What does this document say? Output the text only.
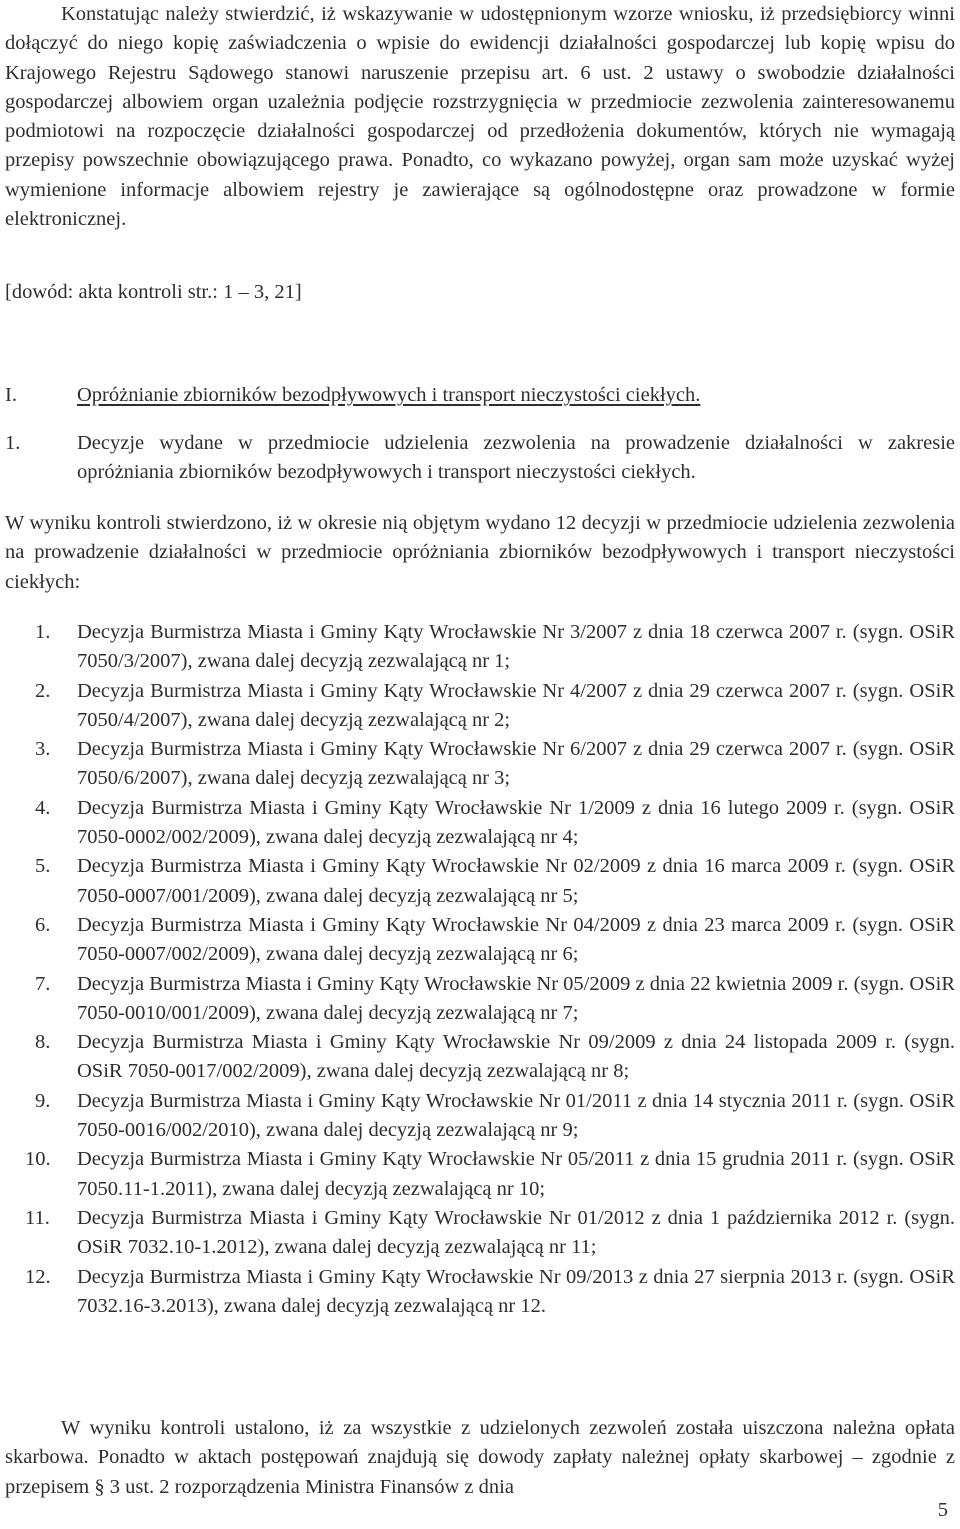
Konstatując należy stwierdzić, iż wskazywanie w udostępnionym wzorze wniosku, iż przedsiębiorcy winni dołączyć do niego kopię zaświadczenia o wpisie do ewidencji działalności gospodarczej lub kopię wpisu do Krajowego Rejestru Sądowego stanowi naruszenie przepisu art. 6 ust. 2 ustawy o swobodzie działalności gospodarczej albowiem organ uzależnia podjęcie rozstrzygnięcia w przedmiocie zezwolenia zainteresowanemu podmiotowi na rozpoczęcie działalności gospodarczej od przedłożenia dokumentów, których nie wymagają przepisy powszechnie obowiązującego prawa. Ponadto, co wykazano powyżej, organ sam może uzyskać wyżej wymienione informacje albowiem rejestry je zawierające są ogólnodostępne oraz prowadzone w formie elektronicznej.

[dowód: akta kontroli str.: 1 – 3, 21]

I.	Opróżnianie zbiorników bezodpływowych i transport nieczystości ciekłych.
1.	Decyzje wydane w przedmiocie udzielenia zezwolenia na prowadzenie działalności w zakresie opróżniania zbiorników bezodpływowych i transport nieczystości ciekłych.

W wyniku kontroli stwierdzono, iż w okresie nią objętym wydano 12 decyzji w przedmiocie udzielenia zezwolenia na prowadzenie działalności w przedmiocie opróżniania zbiorników bezodpływowych i transport nieczystości ciekłych:

1.	Decyzja Burmistrza Miasta i Gminy Kąty Wrocławskie Nr 3/2007 z dnia 18 czerwca 2007 r. (sygn. OSiR 7050/3/2007), zwana dalej decyzją zezwalającą nr 1;
2.	Decyzja Burmistrza Miasta i Gminy Kąty Wrocławskie Nr 4/2007 z dnia 29 czerwca 2007 r. (sygn. OSiR 7050/4/2007), zwana dalej decyzją zezwalającą nr 2;
3.	Decyzja Burmistrza Miasta i Gminy Kąty Wrocławskie Nr 6/2007 z dnia 29 czerwca 2007 r. (sygn. OSiR 7050/6/2007), zwana dalej decyzją zezwalającą nr 3;
4.	Decyzja Burmistrza Miasta i Gminy Kąty Wrocławskie Nr 1/2009 z dnia 16 lutego 2009 r. (sygn. OSiR 7050-0002/002/2009), zwana dalej decyzją zezwalającą nr 4;
5.	Decyzja Burmistrza Miasta i Gminy Kąty Wrocławskie Nr 02/2009 z dnia 16 marca 2009 r. (sygn. OSiR 7050-0007/001/2009), zwana dalej decyzją zezwalającą nr 5;
6.	Decyzja Burmistrza Miasta i Gminy Kąty Wrocławskie Nr 04/2009 z dnia 23 marca 2009 r. (sygn. OSiR 7050-0007/002/2009), zwana dalej decyzją zezwalającą nr 6;
7.	Decyzja Burmistrza Miasta i Gminy Kąty Wrocławskie Nr 05/2009 z dnia 22 kwietnia 2009 r. (sygn. OSiR 7050-0010/001/2009), zwana dalej decyzją zezwalającą nr 7;
8.	Decyzja Burmistrza Miasta i Gminy Kąty Wrocławskie Nr 09/2009 z dnia 24 listopada 2009 r. (sygn. OSiR 7050-0017/002/2009), zwana dalej decyzją zezwalającą nr 8;
9.	Decyzja Burmistrza Miasta i Gminy Kąty Wrocławskie Nr 01/2011 z dnia 14 stycznia 2011 r. (sygn. OSiR 7050-0016/002/2010), zwana dalej decyzją zezwalającą nr 9;
10.	Decyzja Burmistrza Miasta i Gminy Kąty Wrocławskie Nr 05/2011 z dnia 15 grudnia 2011 r. (sygn. OSiR 7050.11-1.2011), zwana dalej decyzją zezwalającą nr 10;
11.	Decyzja Burmistrza Miasta i Gminy Kąty Wrocławskie Nr 01/2012 z dnia 1 października 2012 r. (sygn. OSiR 7032.10-1.2012), zwana dalej decyzją zezwalającą nr 11;
12.	Decyzja Burmistrza Miasta i Gminy Kąty Wrocławskie Nr 09/2013 z dnia 27 sierpnia 2013 r. (sygn. OSiR 7032.16-3.2013), zwana dalej decyzją zezwalającą nr 12.

W wyniku kontroli ustalono, iż za wszystkie z udzielonych zezwoleń została uiszczona należna opłata skarbowa. Ponadto w aktach postępowań znajdują się dowody zapłaty należnej opłaty skarbowej – zgodnie z przepisem § 3 ust. 2 rozporządzenia Ministra Finansów z dnia

5
